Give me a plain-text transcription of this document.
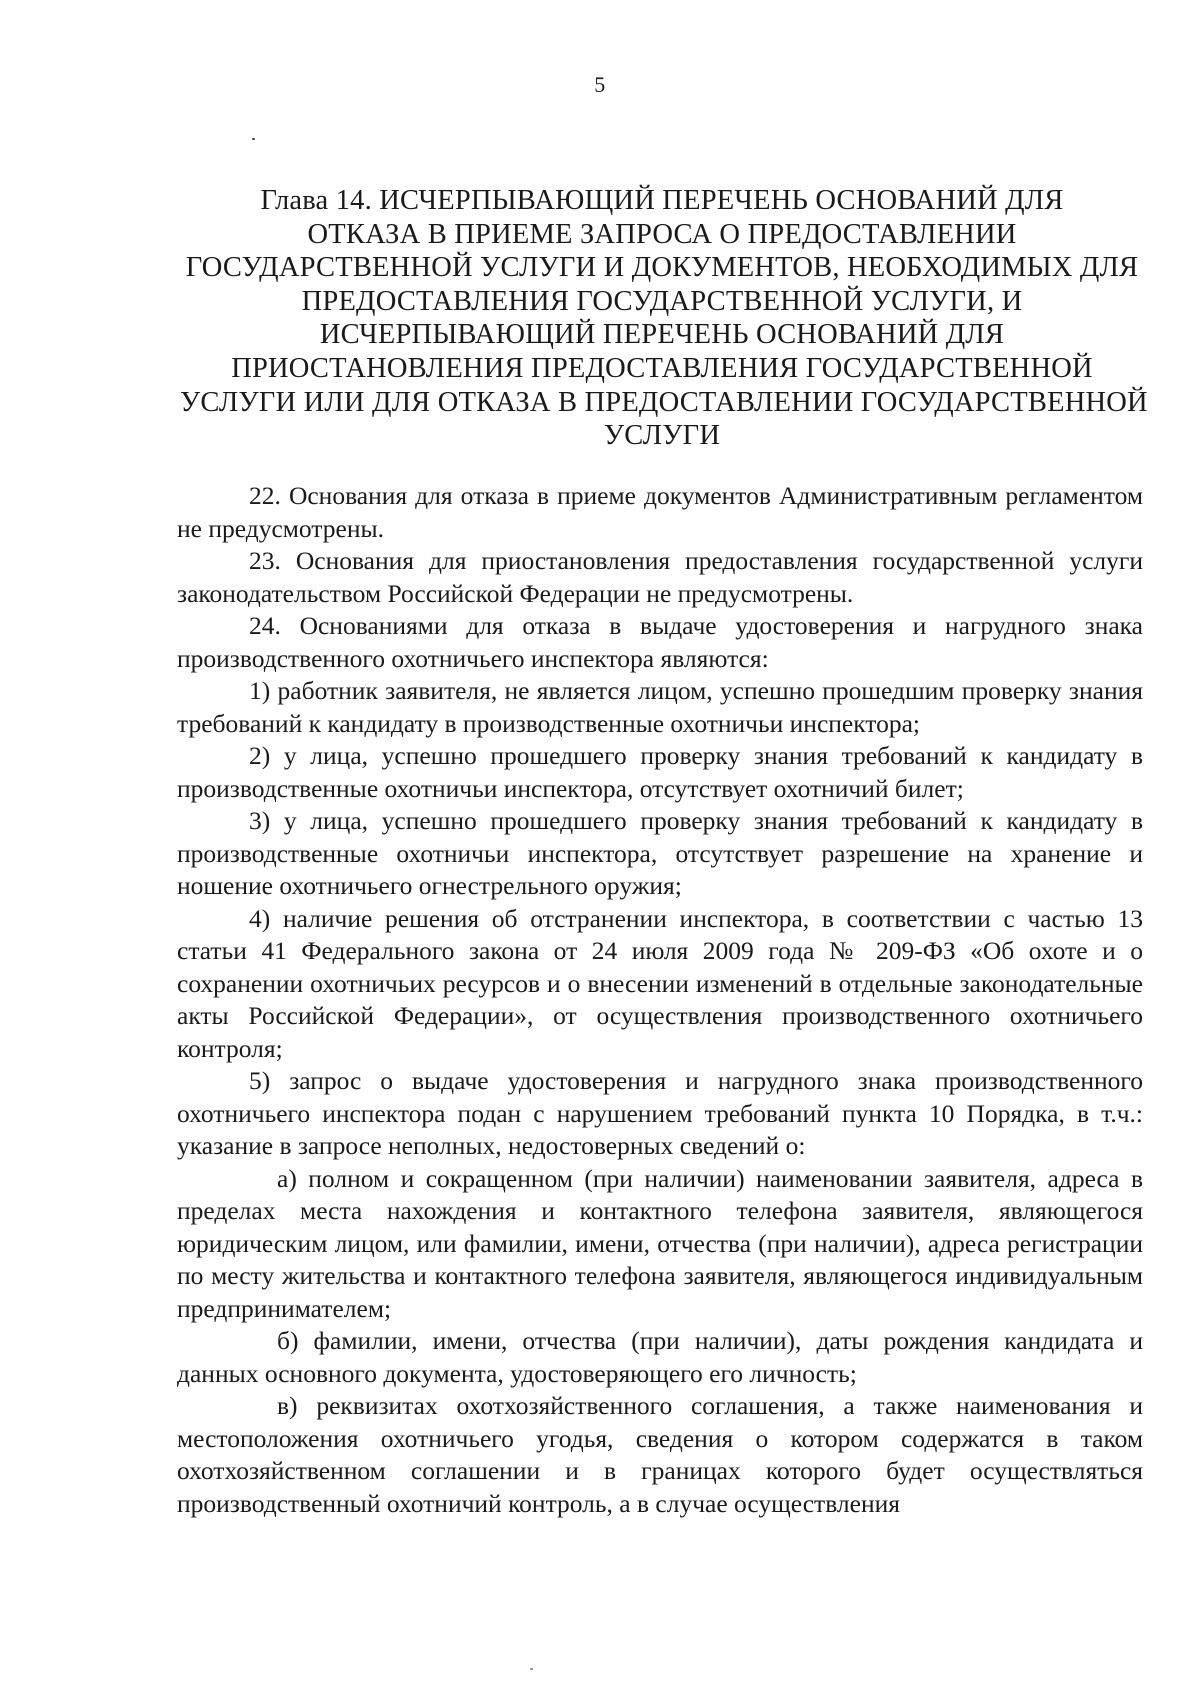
5
Глава 14. ИСЧЕРПЫВАЮЩИЙ ПЕРЕЧЕНЬ ОСНОВАНИЙ ДЛЯ
ОТКАЗА В ПРИЕМЕ ЗАПРОСА О ПРЕДОСТАВЛЕНИИ
ГОСУДАРСТВЕННОЙ УСЛУГИ И ДОКУМЕНТОВ, НЕОБХОДИМЫХ ДЛЯ
ПРЕДОСТАВЛЕНИЯ ГОСУДАРСТВЕННОЙ УСЛУГИ, И
ИСЧЕРПЫВАЮЩИЙ ПЕРЕЧЕНЬ ОСНОВАНИЙ ДЛЯ
ПРИОСТАНОВЛЕНИЯ ПРЕДОСТАВЛЕНИЯ ГОСУДАРСТВЕННОЙ
УСЛУГИ ИЛИ ДЛЯ ОТКАЗА В ПРЕДОСТАВЛЕНИИ ГОСУДАРСТВЕННОЙ
УСЛУГИ

22. Основания для отказа в приеме документов Административным регламентом не предусмотрены.

23. Основания для приостановления предоставления государственной услуги законодательством Российской Федерации не предусмотрены.

24. Основаниями для отказа в выдаче удостоверения и нагрудного знака производственного охотничьего инспектора являются:

1) работник заявителя, не является лицом, успешно прошедшим проверку знания требований к кандидату в производственные охотничьи инспектора;

2) у лица, успешно прошедшего проверку знания требований к кандидату в производственные охотничьи инспектора, отсутствует охотничий билет;

3) у лица, успешно прошедшего проверку знания требований к кандидату в производственные охотничьи инспектора, отсутствует разрешение на хранение и ношение охотничьего огнестрельного оружия;

4) наличие решения об отстранении инспектора, в соответствии с частью 13 статьи 41 Федерального закона от 24 июля 2009 года № 209-ФЗ «Об охоте и о сохранении охотничьих ресурсов и о внесении изменений в отдельные законодательные акты Российской Федерации», от осуществления производственного охотничьего контроля;

5) запрос о выдаче удостоверения и нагрудного знака производственного охотничьего инспектора подан с нарушением требований пункта 10 Порядка, в т.ч.: указание в запросе неполных, недостоверных сведений о:

а) полном и сокращенном (при наличии) наименовании заявителя, адреса в пределах места нахождения и контактного телефона заявителя, являющегося юридическим лицом, или фамилии, имени, отчества (при наличии), адреса регистрации по месту жительства и контактного телефона заявителя, являющегося индивидуальным предпринимателем;

б) фамилии, имени, отчества (при наличии), даты рождения кандидата и данных основного документа, удостоверяющего его личность;

в) реквизитах охотхозяйственного соглашения, а также наименования и местоположения охотничьего угодья, сведения о котором содержатся в таком охотхозяйственном соглашении и в границах которого будет осуществляться производственный охотничий контроль, а в случае осуществления
